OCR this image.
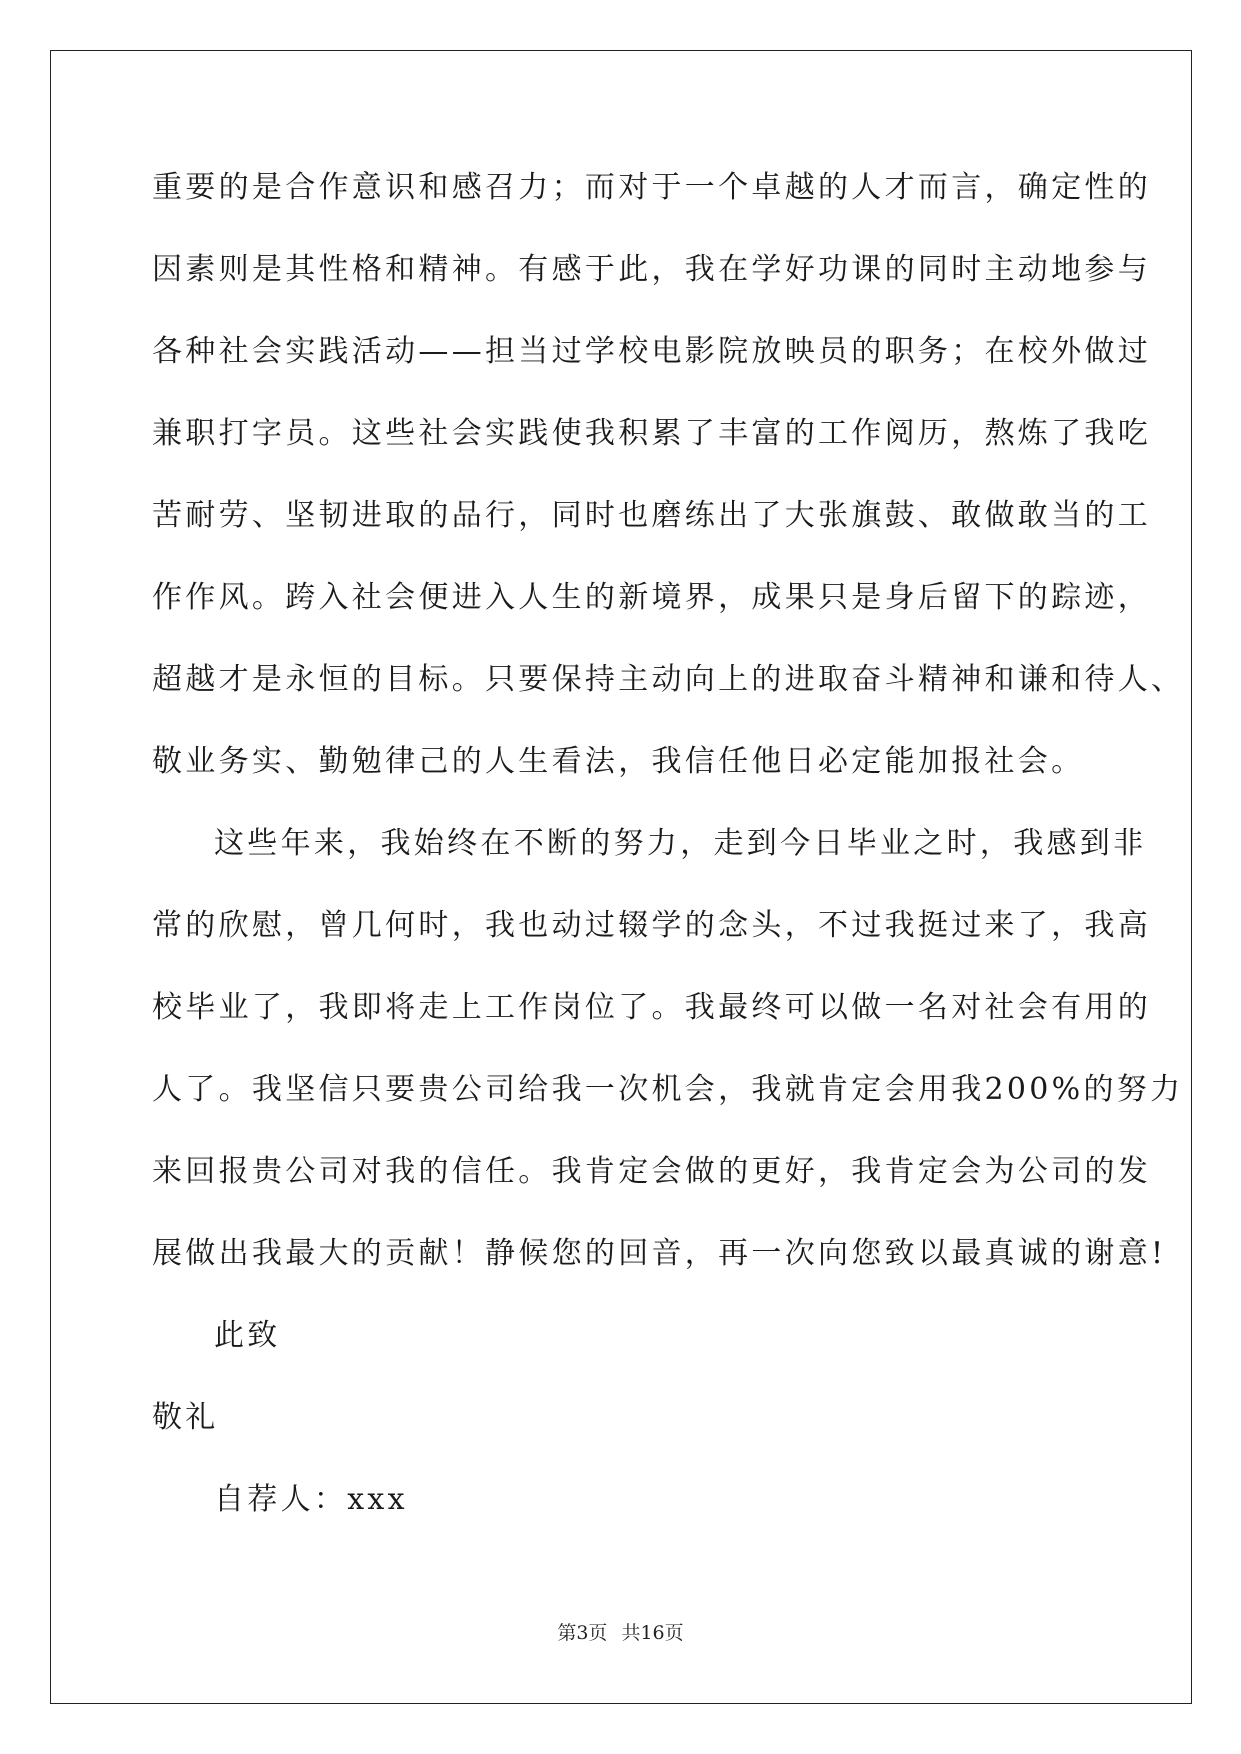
重要的是合作意识和感召力；而对于一个卓越的人才而言，确定性的
因素则是其性格和精神。有感于此，我在学好功课的同时主动地参与
各种社会实践活动——担当过学校电影院放映员的职务；在校外做过
兼职打字员。这些社会实践使我积累了丰富的工作阅历，熬炼了我吃
苦耐劳、坚韧进取的品行，同时也磨练出了大张旗鼓、敢做敢当的工
作作风。跨入社会便进入人生的新境界，成果只是身后留下的踪迹，
超越才是永恒的目标。只要保持主动向上的进取奋斗精神和谦和待人、
敬业务实、勤勉律己的人生看法，我信任他日必定能加报社会。
这些年来，我始终在不断的努力，走到今日毕业之时，我感到非
常的欣慰，曾几何时，我也动过辍学的念头，不过我挺过来了，我高
校毕业了，我即将走上工作岗位了。我最终可以做一名对社会有用的
人了。我坚信只要贵公司给我一次机会，我就肯定会用我200%的努力
来回报贵公司对我的信任。我肯定会做的更好，我肯定会为公司的发
展做出我最大的贡献！静候您的回音，再一次向您致以最真诚的谢意!
此致
敬礼
自荐人：xxx
第3页 共16页
